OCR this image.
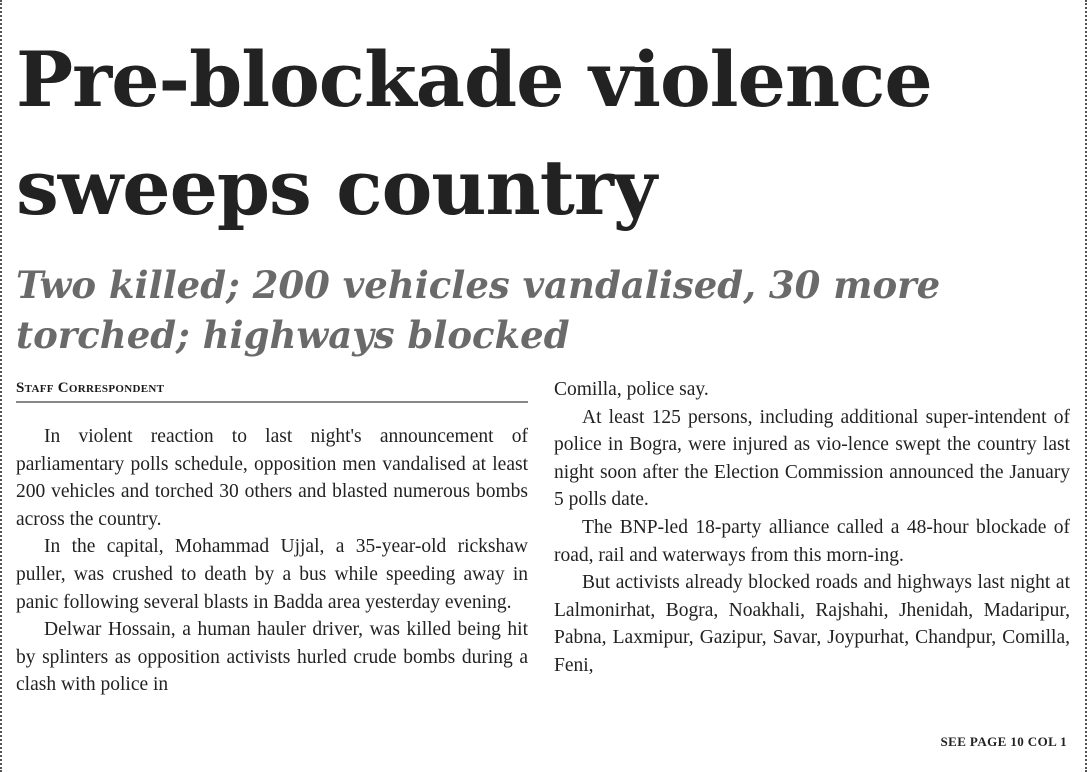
Pre-blockade violence
sweeps country
Two killed; 200 vehicles vandalised, 30 more
torched; highways blocked
Staff Correspondent

In violent reaction to last night's announcement of parliamentary polls schedule, opposition men vandalised at least 200 vehicles and torched 30 others and blasted numerous bombs across the country.

In the capital, Mohammad Ujjal, a 35-year-old rickshaw puller, was crushed to death by a bus while speeding away in panic following several blasts in Badda area yesterday evening.

Delwar Hossain, a human hauler driver, was killed being hit by splinters as opposition activists hurled crude bombs during a clash with police in

Comilla, police say.

At least 125 persons, including additional super-intendent of police in Bogra, were injured as vio-lence swept the country last night soon after the Election Commission announced the January 5 polls date.

The BNP-led 18-party alliance called a 48-hour blockade of road, rail and waterways from this morn-ing.

But activists already blocked roads and highways last night at Lalmonirhat, Bogra, Noakhali, Rajshahi, Jhenidah, Madaripur, Pabna, Laxmipur, Gazipur, Savar, Joypurhat, Chandpur, Comilla, Feni,

SEE PAGE 10 COL 1
